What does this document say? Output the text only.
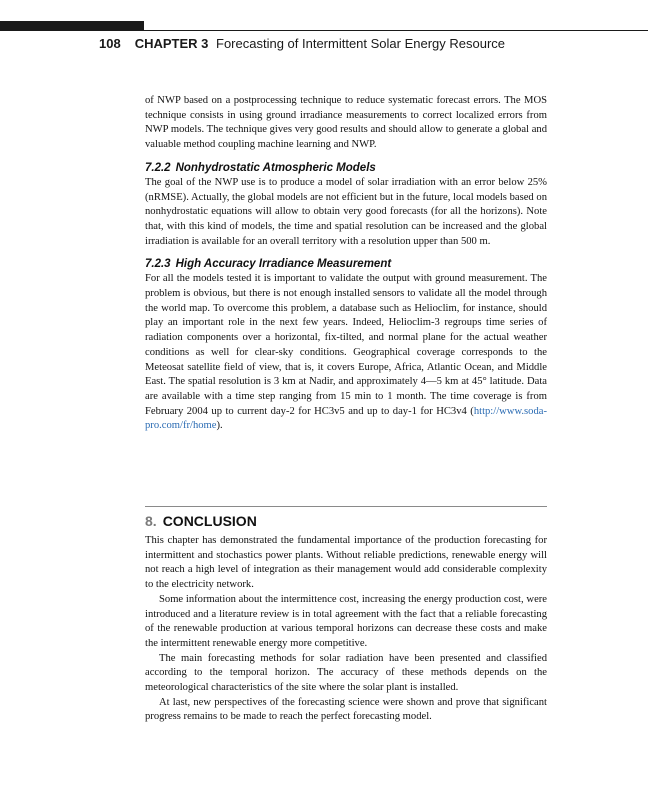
108 CHAPTER 3 Forecasting of Intermittent Solar Energy Resource

of NWP based on a postprocessing technique to reduce systematic forecast errors. The MOS technique consists in using ground irradiance measurements to correct localized errors from NWP models. The technique gives very good results and should allow to generate a global and valuable method coupling machine learning and NWP.

7.2.2 Nonhydrostatic Atmospheric Models

The goal of the NWP use is to produce a model of solar irradiation with an error below 25% (nRMSE). Actually, the global models are not efficient but in the future, local models based on nonhydrostatic equations will allow to obtain very good forecasts (for all the horizons). Note that, with this kind of models, the time and spatial resolution can be increased and the global irradiation is available for an overall territory with a resolution upper than 500 m.

7.2.3 High Accuracy Irradiance Measurement

For all the models tested it is important to validate the output with ground measurement. The problem is obvious, but there is not enough installed sensors to validate all the model through the world map. To overcome this problem, a database such as Helioclim, for instance, should play an important role in the next few years. Indeed, Helioclim-3 regroups time series of radiation components over a horizontal, fix-tilted, and normal plane for the actual weather conditions as well for clear-sky conditions. Geographical coverage corresponds to the Meteosat satellite field of view, that is, it covers Europe, Africa, Atlantic Ocean, and Middle East. The spatial resolution is 3 km at Nadir, and approximately 4—5 km at 45° latitude. Data are available with a time step ranging from 15 min to 1 month. The time coverage is from February 2004 up to current day-2 for HC3v5 and up to day-1 for HC3v4 (http://www.soda-pro.com/fr/home).

8. CONCLUSION

This chapter has demonstrated the fundamental importance of the production forecasting for intermittent and stochastics power plants. Without reliable predictions, renewable energy will not reach a high level of integration as their management would add considerable complexity to the electricity network.

Some information about the intermittence cost, increasing the energy production cost, were introduced and a literature review is in total agreement with the fact that a reliable forecasting of the renewable production at various temporal horizons can decrease these costs and make the intermittent renewable energy more competitive.

The main forecasting methods for solar radiation have been presented and classified according to the temporal horizon. The accuracy of these methods depends on the meteorological characteristics of the site where the solar plant is installed.

At last, new perspectives of the forecasting science were shown and prove that significant progress remains to be made to reach the perfect forecasting model.
